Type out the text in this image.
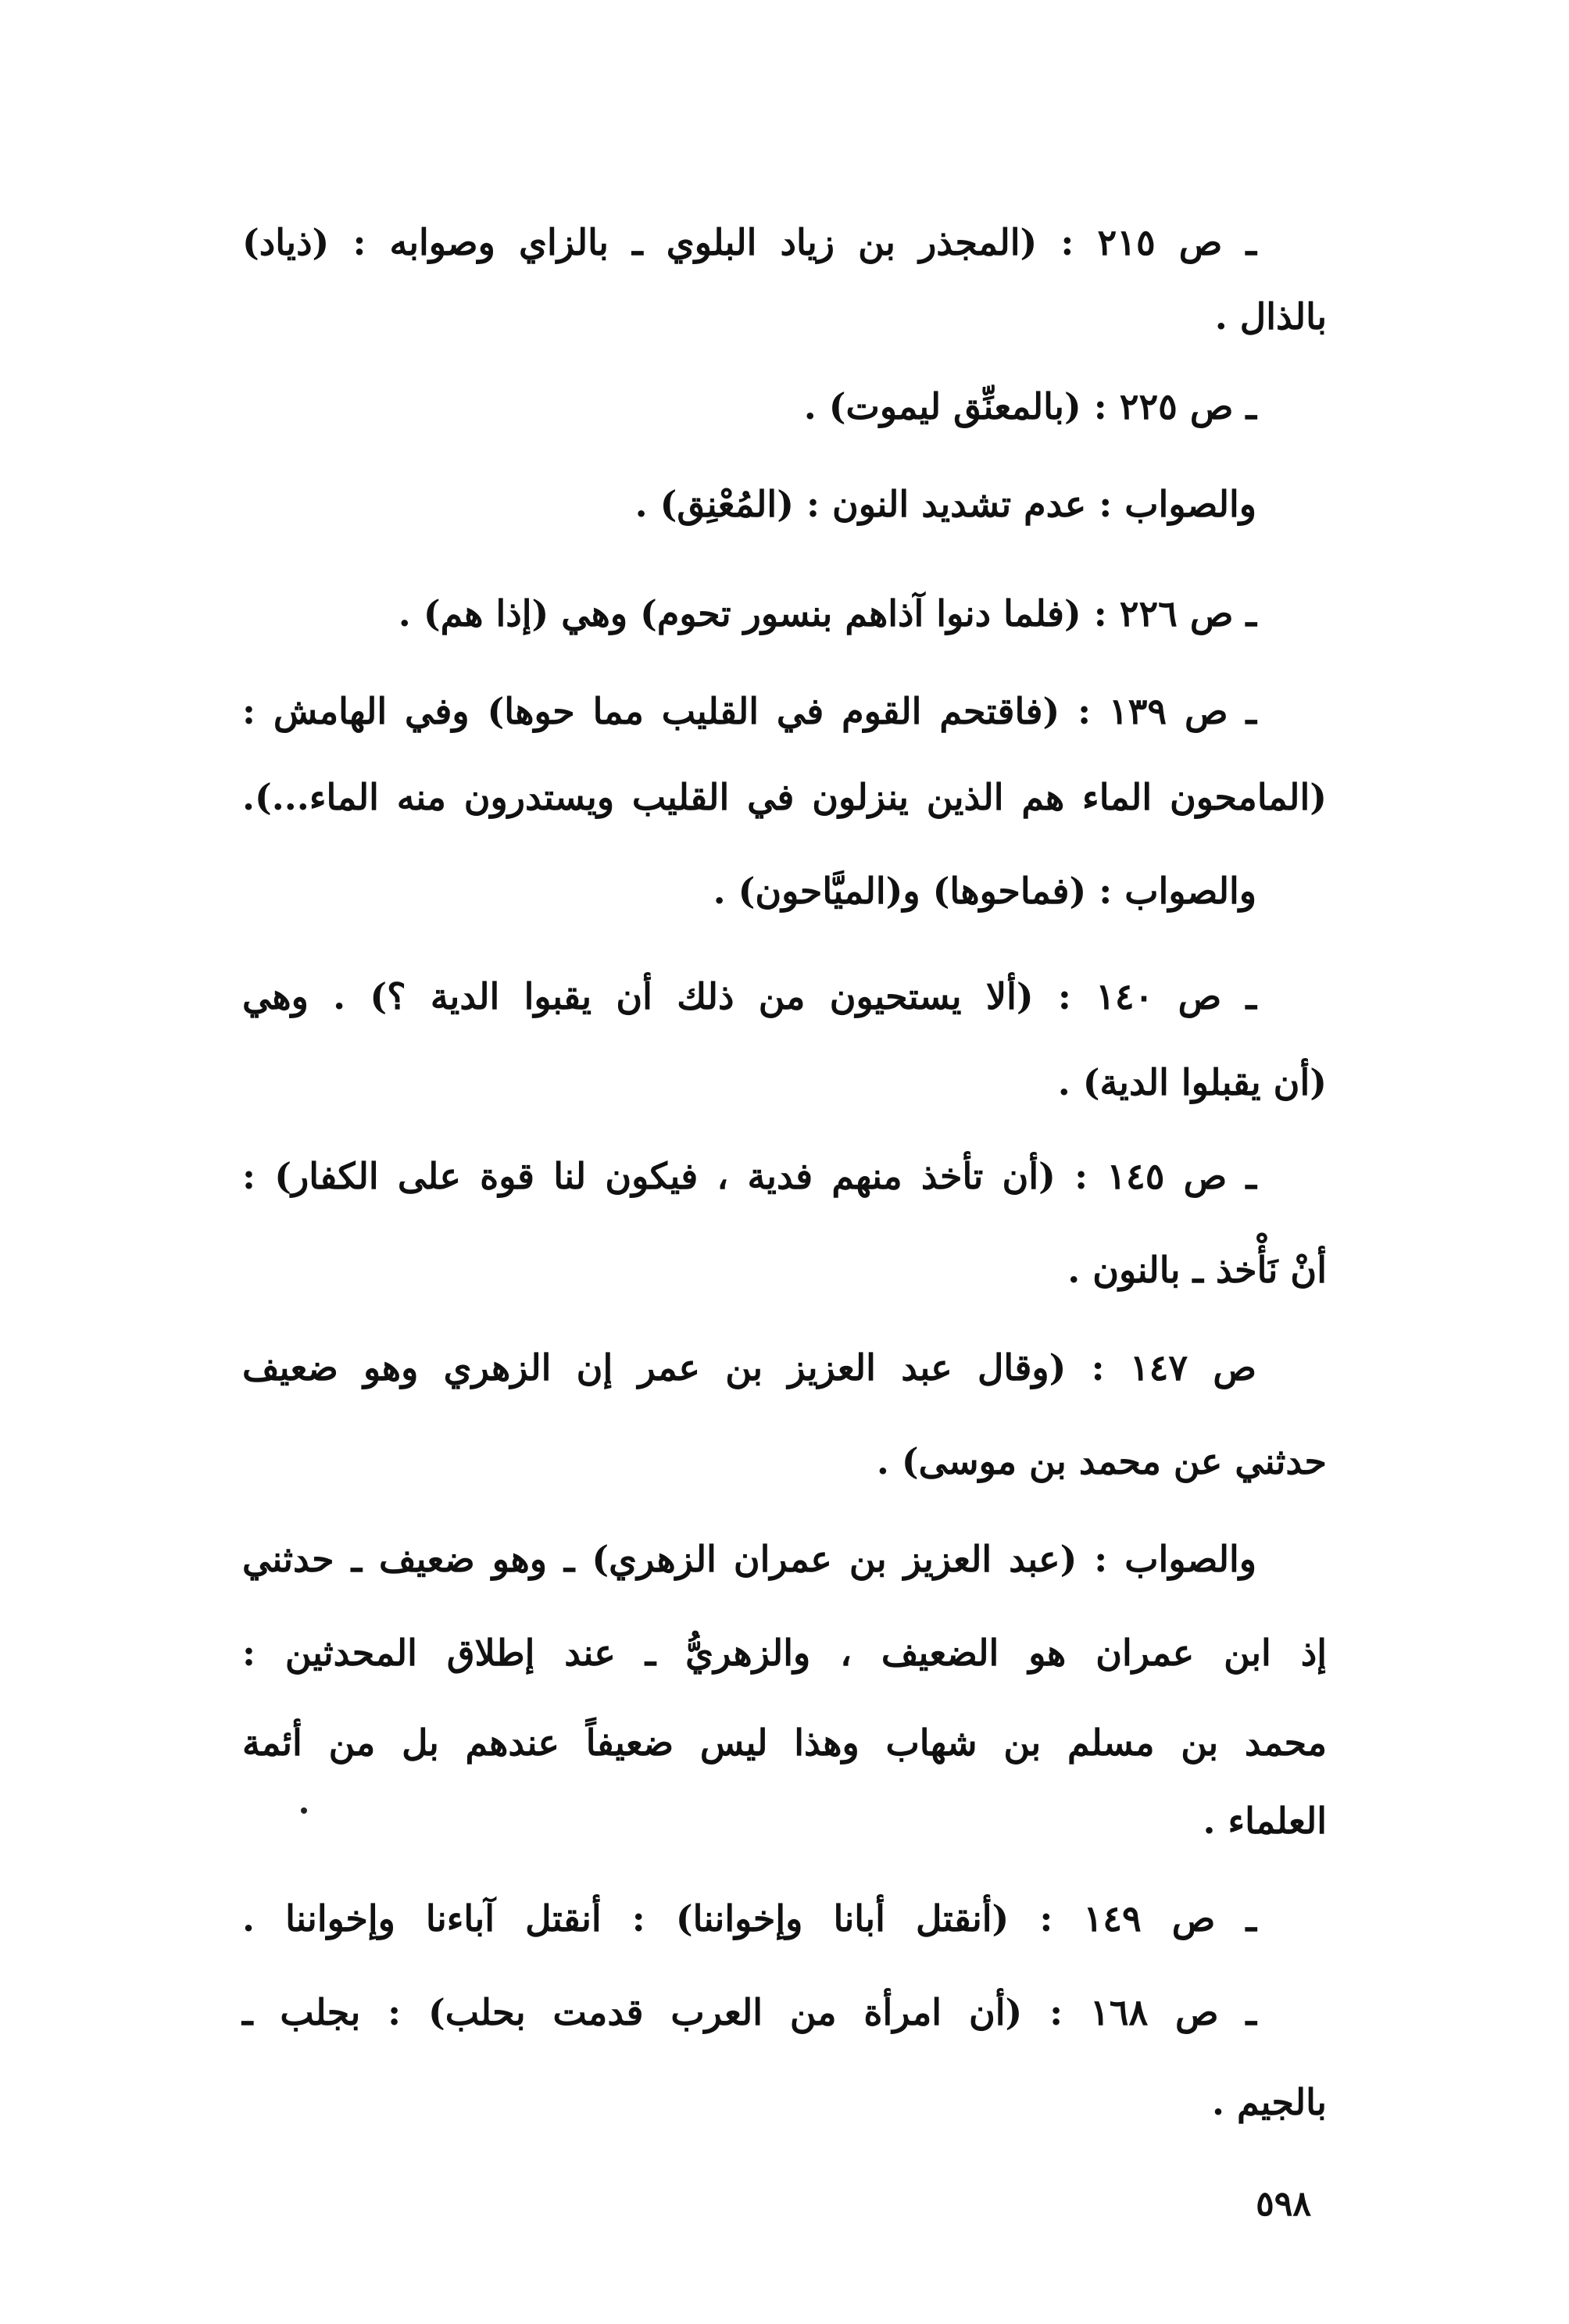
ـ ص ٢١٥ : (المجذر بن زياد البلوي ـ بالزاي وصوابه : (ذياد)
بالذال .
ـ ص ٢٢٥ : (بالمعنِّق ليموت) .
والصواب : عدم تشديد النون : (المُعْنِق) .
ـ ص ٢٢٦ : (فلما دنوا آذاهم بنسور تحوم) وهي (إذا هم) .
ـ ص ١٣٩ : (فاقتحم القوم في القليب مما حوها) وفي الهامش :
(المامحون الماء هم الذين ينزلون في القليب ويستدرون منه الماء...).
والصواب : (فماحوها) و(الميَّاحون) .
ـ ص ١٤٠ : (ألا يستحيون من ذلك أن يقبوا الدية ؟) . وهي
(أن يقبلوا الدية) .
ـ ص ١٤٥ : (أن تأخذ منهم فدية ، فيكون لنا قوة على الكفار) :
أنْ نَأْخذ ـ بالنون .
ص ١٤٧ : (وقال عبد العزيز بن عمر إن الزهري وهو ضعيف
حدثني عن محمد بن موسى) .
والصواب : (عبد العزيز بن عمران الزهري) ـ وهو ضعيف ـ حدثني
إذ ابن عمران هو الضعيف ، والزهريُّ ـ عند إطلاق المحدثين :
محمد بن مسلم بن شهاب وهذا ليس ضعيفاً عندهم بل من أئمة
العلماء .
ـ ص ١٤٩ : (أنقتل أبانا وإخواننا) : أنقتل آباءنا وإخواننا .
ـ ص ١٦٨ : (أن امرأة من العرب قدمت بحلب) : بجلب ـ
بالجيم .
٥٩٨
